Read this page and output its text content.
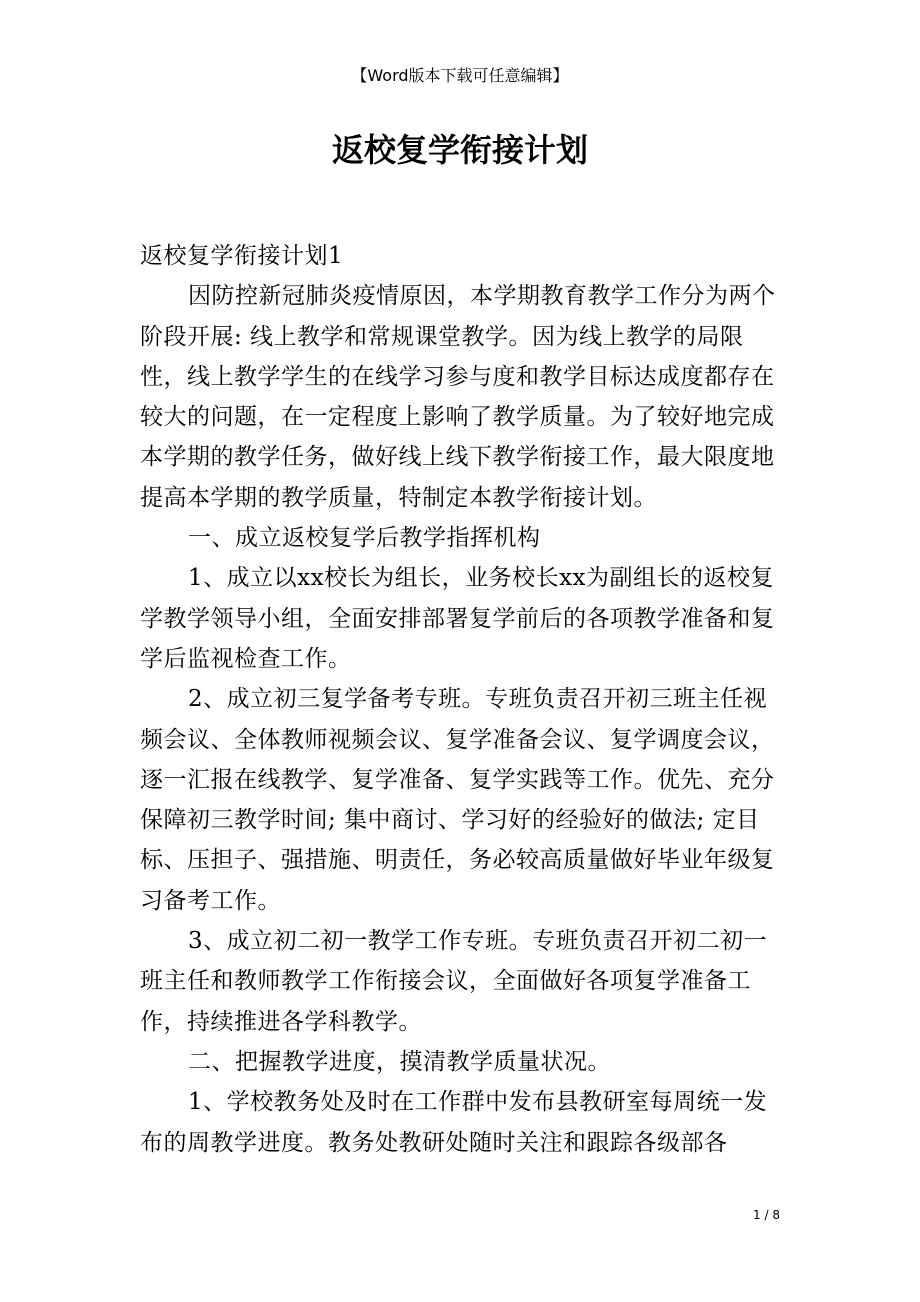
【Word版本下载可任意编辑】
返校复学衔接计划

返校复学衔接计划1

因防控新冠肺炎疫情原因，本学期教育教学工作分为两个阶段开展: 线上教学和常规课堂教学。因为线上教学的局限性，线上教学学生的在线学习参与度和教学目标达成度都存在较大的问题，在一定程度上影响了教学质量。为了较好地完成本学期的教学任务，做好线上线下教学衔接工作，最大限度地提高本学期的教学质量，特制定本教学衔接计划。

一、成立返校复学后教学指挥机构

1、成立以xx校长为组长，业务校长xx为副组长的返校复学教学领导小组，全面安排部署复学前后的各项教学准备和复学后监视检查工作。

2、成立初三复学备考专班。专班负责召开初三班主任视频会议、全体教师视频会议、复学准备会议、复学调度会议，逐一汇报在线教学、复学准备、复学实践等工作。优先、充分保障初三教学时间; 集中商讨、学习好的经验好的做法; 定目标、压担子、强措施、明责任，务必较高质量做好毕业年级复习备考工作。

3、成立初二初一教学工作专班。专班负责召开初二初一班主任和教师教学工作衔接会议，全面做好各项复学准备工作，持续推进各学科教学。

二、把握教学进度，摸清教学质量状况。

1、学校教务处及时在工作群中发布县教研室每周统一发布的周教学进度。教务处教研处随时关注和跟踪各级部各

1 / 8
